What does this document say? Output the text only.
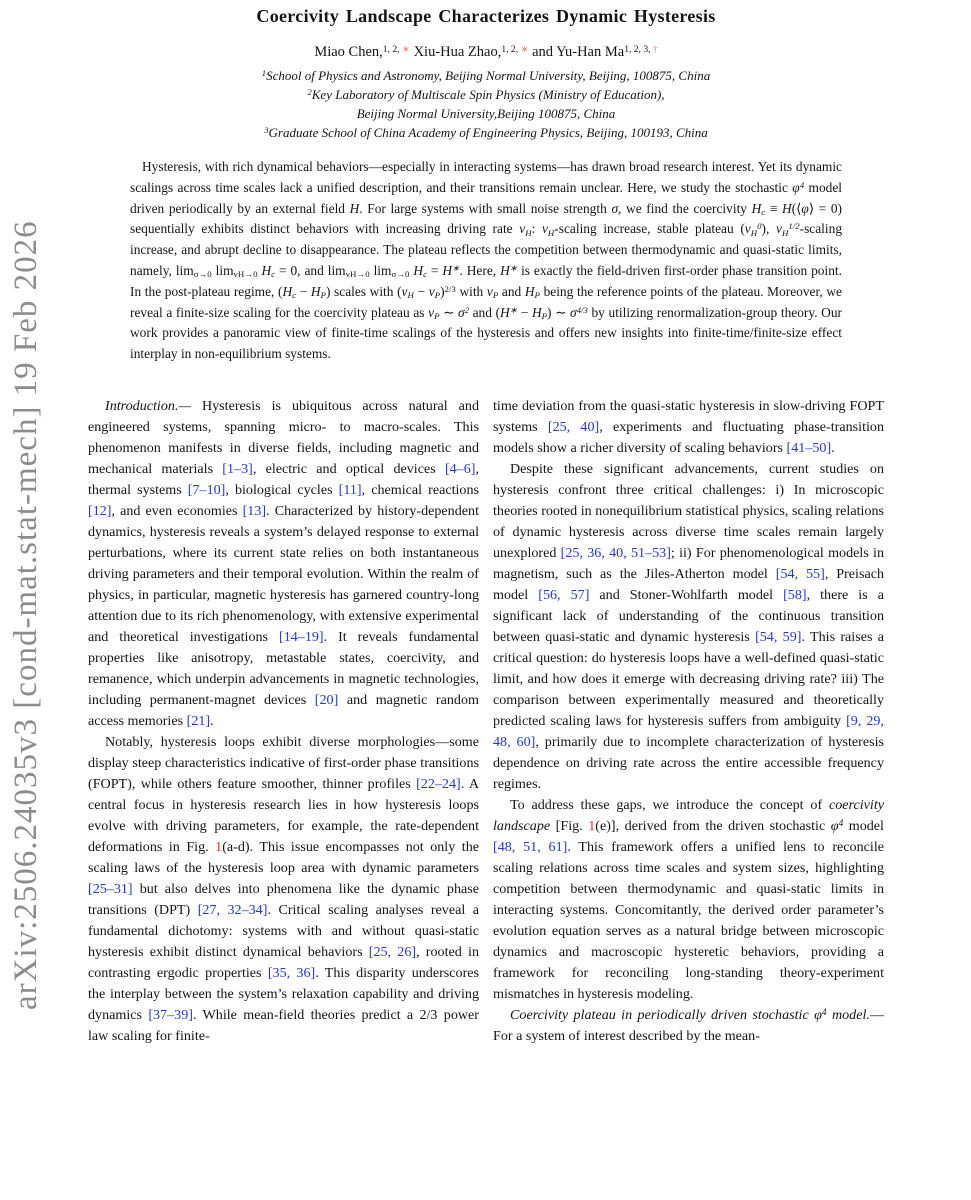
arXiv:2506.24035v3 [cond-mat.stat-mech] 19 Feb 2026
Coercivity Landscape Characterizes Dynamic Hysteresis
Miao Chen,$^{1, 2,}$ ∗ Xiu-Hua Zhao,$^{1, 2,}$ ∗ and Yu-Han $Ma^{1, 2, 3,}$ †
$^1$School of Physics and Astronomy, Beijing Normal University, Beijing, 100875, China
$^2$Key Laboratory of Multiscale Spin Physics (Ministry of Education),
Beijing Normal University,Beijing 100875, China
$^3$Graduate School of China Academy of Engineering Physics, Beijing, 100193, China
Hysteresis, with rich dynamical behaviors—especially in interacting systems—has drawn broad research interest. Yet its dynamic scalings across time scales lack a unified description, and their transitions remain unclear. Here, we study the stochastic $\varphi^4$ model driven periodically by an external field H. For large systems with small noise strength σ, we find the coercivity $H_c$ ≡ H(⟨φ⟩ = 0) sequentially exhibits distinct behaviors with increasing driving rate $v_H$: $v_H$-scaling increase, stable plateau $(v_H^0)$, $v_H^{1/2}$-scaling increase, and abrupt decline to disappearance. The plateau reflects the competition between thermodynamic and quasi-static limits, namely, $\lim_{\sigma\to 0} \lim_{vH\to 0} H_c = 0$, and $\lim_{vH\to 0} \lim_{\sigma\to 0} H_c = H^∗$. Here, H∗ is exactly the field-driven first-order phase transition point. In the post-plateau regime, $(H_c - H_P)$ scales with $(v_H - v_P)^{2/3}$ with $v_P$ and $H_P$ being the reference points of the plateau. Moreover, we reveal a finite-size scaling for the coercivity plateau as $v_P$ ∼ $\sigma^2$ and $(H^∗ - H_P)$ ∼ $\sigma^{4/3}$ by utilizing renormalization-group theory. Our work provides a panoramic view of finite-time scalings of the hysteresis and offers new insights into finite-time/finite-size effect interplay in non-equilibrium systems.

Introduction.— Hysteresis is ubiquitous across natural and engineered systems, spanning micro- to macro-scales. This phenomenon manifests in diverse fields, including magnetic and mechanical materials [1–3], electric and optical devices [4–6], thermal systems [7–10], biological cycles [11], chemical reactions [12], and even economies [13]. Characterized by history-dependent dynamics, hysteresis reveals a system’s delayed response to external perturbations, where its current state relies on both instantaneous driving parameters and their temporal evolution. Within the realm of physics, in particular, magnetic hysteresis has garnered country-long attention due to its rich phenomenology, with extensive experimental and theoretical investigations [14–19]. It reveals fundamental properties like anisotropy, metastable states, coercivity, and remanence, which underpin advancements in magnetic technologies, including permanent-magnet devices [20] and magnetic random access memories [21].

Notably, hysteresis loops exhibit diverse morphologies—some display steep characteristics indicative of first-order phase transitions (FOPT), while others feature smoother, thinner profiles [22–24]. A central focus in hysteresis research lies in how hysteresis loops evolve with driving parameters, for example, the rate-dependent deformations in Fig. 1(a-d). This issue encompasses not only the scaling laws of the hysteresis loop area with dynamic parameters [25–31] but also delves into phenomena like the dynamic phase transitions (DPT) [27, 32–34]. Critical scaling analyses reveal a fundamental dichotomy: systems with and without quasi-static hysteresis exhibit distinct dynamical behaviors [25, 26], rooted in contrasting ergodic properties [35, 36]. This disparity underscores the interplay between the system’s relaxation capability and driving dynamics [37–39]. While mean-field theories predict a 2/3 power law scaling for finite-

time deviation from the quasi-static hysteresis in slow-driving FOPT systems [25, 40], experiments and fluctuating phase-transition models show a richer diversity of scaling behaviors [41–50].

Despite these significant advancements, current studies on hysteresis confront three critical challenges: i) In microscopic theories rooted in nonequilibrium statistical physics, scaling relations of dynamic hysteresis across diverse time scales remain largely unexplored [25, 36, 40, 51–53]; ii) For phenomenological models in magnetism, such as the Jiles-Atherton model [54, 55], Preisach model [56, 57] and Stoner-Wohlfarth model [58], there is a significant lack of understanding of the continuous transition between quasi-static and dynamic hysteresis [54, 59]. This raises a critical question: do hysteresis loops have a well-defined quasi-static limit, and how does it emerge with decreasing driving rate? iii) The comparison between experimentally measured and theoretically predicted scaling laws for hysteresis suffers from ambiguity [9, 29, 48, 60], primarily due to incomplete characterization of hysteresis dependence on driving rate across the entire accessible frequency regimes.

To address these gaps, we introduce the concept of coercivity landscape [Fig. 1(e)], derived from the driven stochastic $\varphi^4$ model [48, 51, 61]. This framework offers a unified lens to reconcile scaling relations across time scales and system sizes, highlighting competition between thermodynamic and quasi-static limits in interacting systems. Concomitantly, the derived order parameter’s evolution equation serves as a natural bridge between microscopic dynamics and macroscopic hysteretic behaviors, providing a framework for reconciling long-standing theory-experiment mismatches in hysteresis modeling.

Coercivity plateau in periodically driven stochastic $\varphi^4$ model.—For a system of interest described by the mean-
